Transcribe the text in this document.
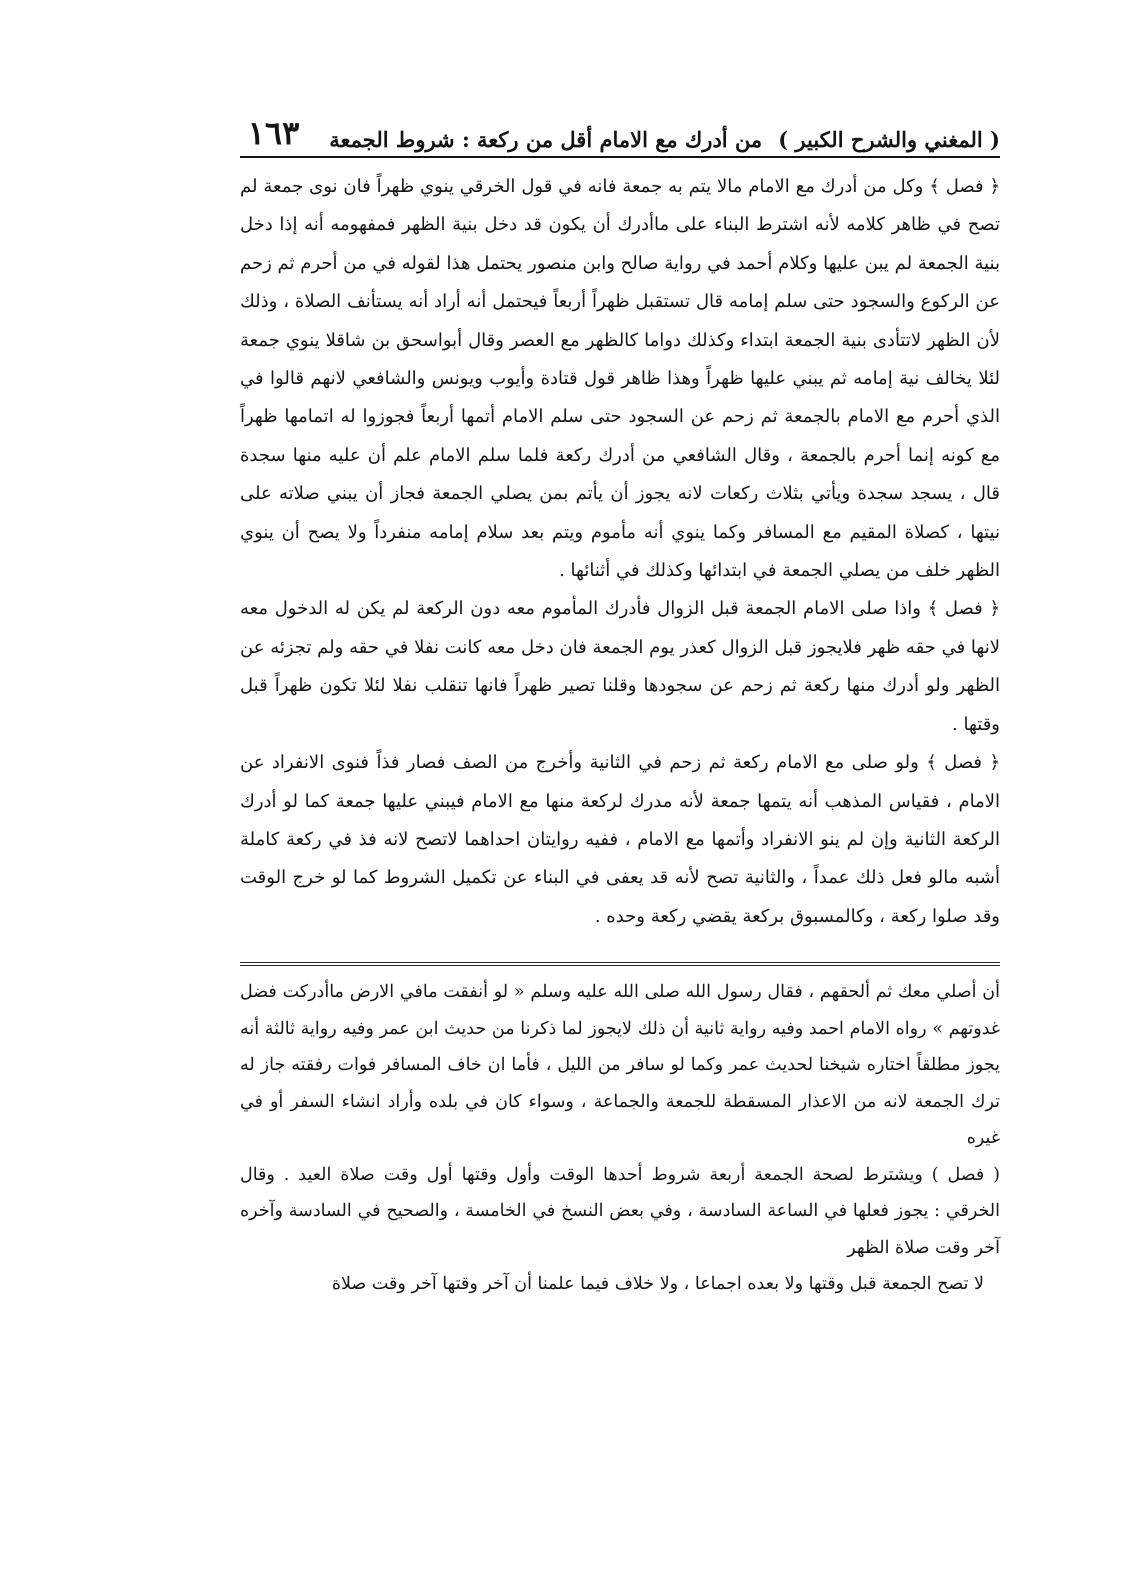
( المغني والشرح الكبير )
من أدرك مع الامام أقل من ركعة : شروط الجمعة
١٦٣

﴿ فصل ﴾ وكل من أدرك مع الامام مالا يتم به جمعة فانه في قول الخرقي ينوي ظهراً فان نوى جمعة لم تصح في ظاهر كلامه لأنه اشترط البناء على ماأدرك أن يكون قد دخل بنية الظهر فمفهومه أنه إذا دخل بنية الجمعة لم يبن عليها وكلام أحمد في رواية صالح وابن منصور يحتمل هذا لقوله في من أحرم ثم زحم عن الركوع والسجود حتى سلم إمامه قال تستقبل ظهراً أربعاً فيحتمل أنه أراد أنه يستأنف الصلاة ، وذلك لأن الظهر لاتتأدى بنية الجمعة ابتداء وكذلك دواما كالظهر مع العصر وقال أبواسحق بن شاقلا ينوي جمعة لئلا يخالف نية إمامه ثم يبني عليها ظهراً وهذا ظاهر قول قتادة وأيوب ويونس والشافعي لانهم قالوا في الذي أحرم مع الامام بالجمعة ثم زحم عن السجود حتى سلم الامام أتمها أربعاً فجوزوا له اتمامها ظهراً مع كونه إنما أحرم بالجمعة ، وقال الشافعي من أدرك ركعة فلما سلم الامام علم أن عليه منها سجدة قال ، يسجد سجدة ويأتي بثلاث ركعات لانه يجوز أن يأتم بمن يصلي الجمعة فجاز أن يبني صلاته على نيتها ، كصلاة المقيم مع المسافر وكما ينوي أنه مأموم ويتم بعد سلام إمامه منفرداً ولا يصح أن ينوي الظهر خلف من يصلي الجمعة في ابتدائها وكذلك في أثنائها .

﴿ فصل ﴾ واذا صلى الامام الجمعة قبل الزوال فأدرك المأموم معه دون الركعة لم يكن له الدخول معه لانها في حقه ظهر فلايجوز قبل الزوال كعذر يوم الجمعة فان دخل معه كانت نفلا في حقه ولم تجزئه عن الظهر ولو أدرك منها ركعة ثم زحم عن سجودها وقلنا تصير ظهراً فانها تنقلب نفلا لئلا تكون ظهراً قبل وقتها .

﴿ فصل ﴾ ولو صلى مع الامام ركعة ثم زحم في الثانية وأخرج من الصف فصار فذاً فنوى الانفراد عن الامام ، فقياس المذهب أنه يتمها جمعة لأنه مدرك لركعة منها مع الامام فيبني عليها جمعة كما لو أدرك الركعة الثانية وإن لم ينو الانفراد وأتمها مع الامام ، ففيه روايتان احداهما لاتصح لانه فذ في ركعة كاملة أشبه مالو فعل ذلك عمداً ، والثانية تصح لأنه قد يعفى في البناء عن تكميل الشروط كما لو خرج الوقت وقد صلوا ركعة ، وكالمسبوق بركعة يقضي ركعة وحده .

أن أصلي معك ثم ألحقهم ، فقال رسول الله صلى الله عليه وسلم « لو أنفقت مافي الارض ماأدركت فضل غدوتهم » رواه الامام احمد وفيه رواية ثانية أن ذلك لايجوز لما ذكرنا من حديث ابن عمر وفيه رواية ثالثة أنه يجوز مطلقاً اختاره شيخنا لحديث عمر وكما لو سافر من الليل ، فأما ان خاف المسافر فوات رفقته جاز له ترك الجمعة لانه من الاعذار المسقطة للجمعة والجماعة ، وسواء كان في بلده وأراد انشاء السفر أو في غيره

( فصل ) ويشترط لصحة الجمعة أربعة شروط أحدها الوقت وأول وقتها أول وقت صلاة العيد . وقال الخرقي : يجوز فعلها في الساعة السادسة ، وفي بعض النسخ في الخامسة ، والصحيح في السادسة وآخره آخر وقت صلاة الظهر

لا تصح الجمعة قبل وقتها ولا بعده اجماعا ، ولا خلاف فيما علمنا أن آخر وقتها آخر وقت صلاة
